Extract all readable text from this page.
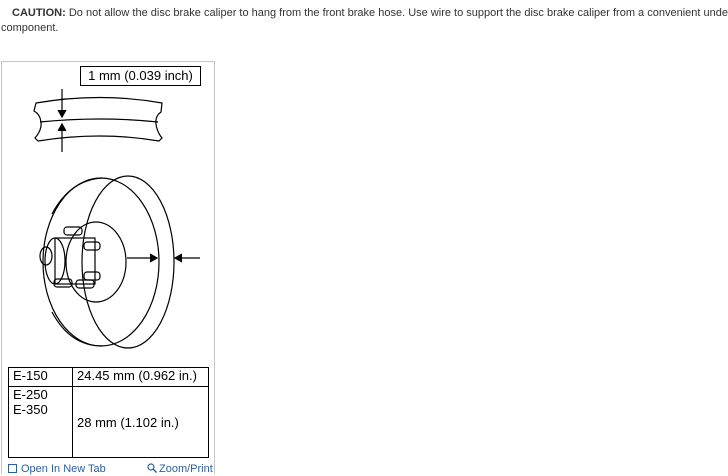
CAUTION: Do not allow the disc brake caliper to hang from the front brake hose. Use wire to support the disc brake caliper from a convenient unde
component.
1 mm (0.039 inch)
E-150	24.45 mm (0.962 in.)

E-250
E-350	28 mm (1.102 in.)
Open In New Tab	Zoom/Print
